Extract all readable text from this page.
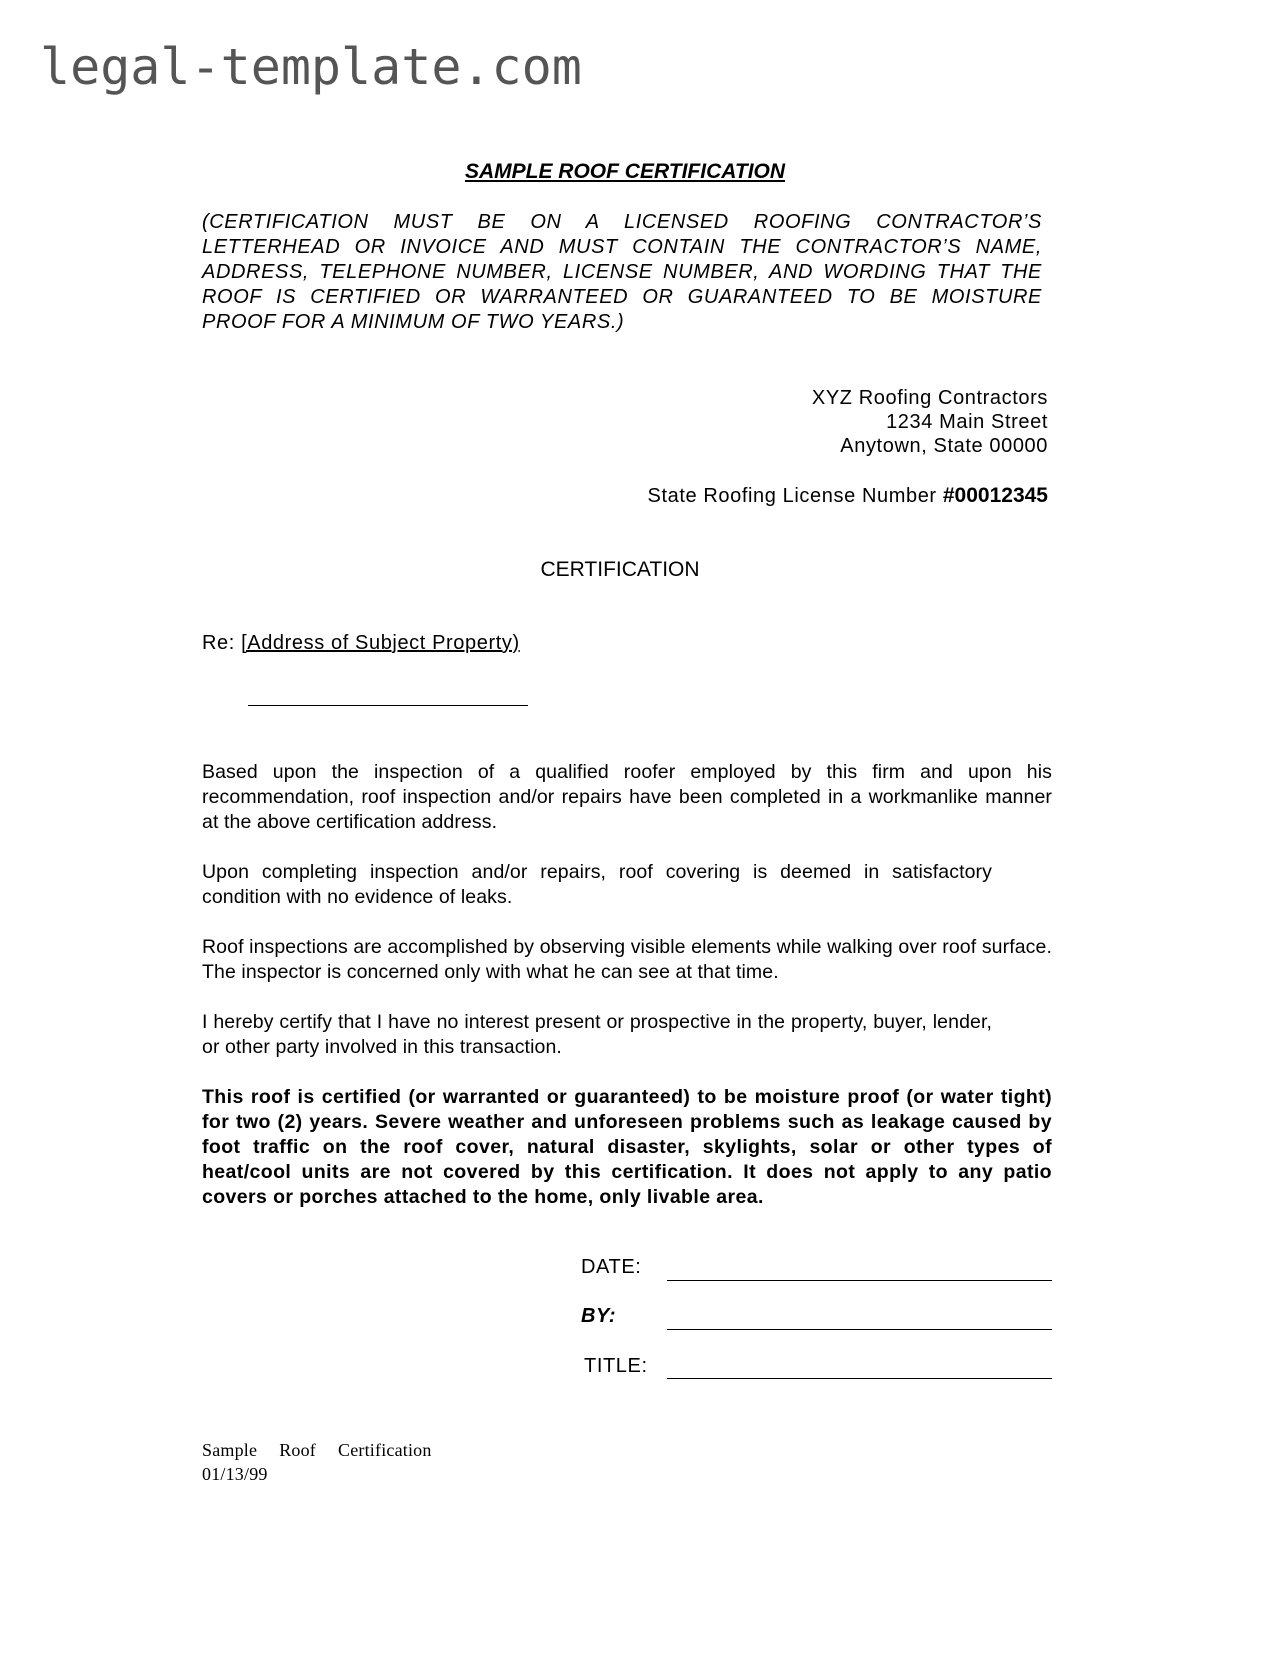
legal-template.com
SAMPLE ROOF CERTIFICATION
(CERTIFICATION MUST BE ON A LICENSED ROOFING CONTRACTOR’S LETTERHEAD OR INVOICE AND MUST CONTAIN THE CONTRACTOR’S NAME, ADDRESS, TELEPHONE NUMBER, LICENSE NUMBER, AND WORDING THAT THE ROOF IS CERTIFIED OR WARRANTEED OR GUARANTEED TO BE MOISTURE PROOF FOR A MINIMUM OF TWO YEARS.)
XYZ Roofing Contractors
1234 Main Street
Anytown, State 00000
State Roofing License Number #00012345
CERTIFICATION
Re: [Address of Subject Property)
Based upon the inspection of a qualified roofer employed by this firm and upon his recommendation, roof inspection and/or repairs have been completed in a workmanlike manner at the above certification address.
Upon completing inspection and/or repairs, roof covering is deemed in satisfactory condition with no evidence of leaks.
Roof inspections are accomplished by observing visible elements while walking over roof surface. The inspector is concerned only with what he can see at that time.
I hereby certify that I have no interest present or prospective in the property, buyer, lender, or other party involved in this transaction.
This roof is certified (or warranted or guaranteed) to be moisture proof (or water tight) for two (2) years. Severe weather and unforeseen problems such as leakage caused by foot traffic on the roof cover, natural disaster, skylights, solar or other types of heat/cool units are not covered by this certification. It does not apply to any patio covers or porches attached to the home, only livable area.
DATE:
BY:
TITLE:
Sample Roof Certification
01/13/99
